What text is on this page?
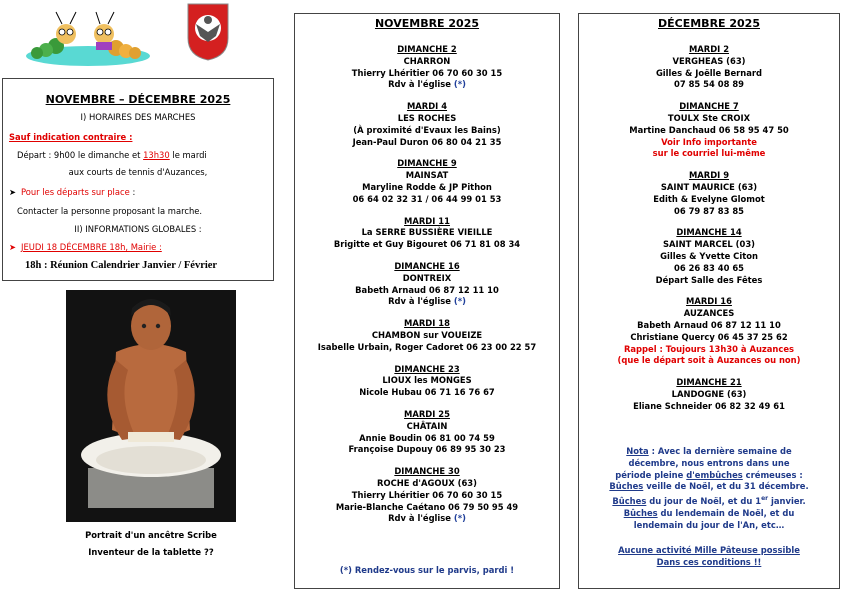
NOVEMBRE – DÉCEMBRE 2025
I) HORAIRES DES MARCHES
Sauf indication contraire :
Départ : 9h00 le dimanche et 13h30 le mardi
aux courts de tennis d'Auzances,
➤ Pour les départs sur place :
Contacter la personne proposant la marche.
II) INFORMATIONS GLOBALES :
➤ JEUDI 18 DÉCEMBRE 18h, Mairie :
18h : Réunion Calendrier Janvier / Février
Portrait d'un ancêtre Scribe
Inventeur de la tablette ??
NOVEMBRE 2025
DIMANCHE 2
CHARRON
Thierry Lhéritier 06 70 60 30 15
Rdv à l'église (*)
MARDI 4
LES ROCHES
(À proximité d'Evaux les Bains)
Jean-Paul Duron 06 80 04 21 35
DIMANCHE 9
MAINSAT
Maryline Rodde & JP Pithon
06 64 02 32 31 / 06 44 99 01 53
MARDI 11
La SERRE BUSSIÈRE VIEILLE
Brigitte et Guy Bigouret 06 71 81 08 34
DIMANCHE 16
DONTREIX
Babeth Arnaud 06 87 12 11 10
Rdv à l'église (*)
MARDI 18
CHAMBON sur VOUEIZE
Isabelle Urbain, Roger Cadoret 06 23 00 22 57
DIMANCHE 23
LIOUX les MONGES
Nicole Hubau 06 71 16 76 67
MARDI 25
CHÂTAIN
Annie Boudin 06 81 00 74 59
Françoise Dupouy 06 89 95 30 23
DIMANCHE 30
ROCHE d'AGOUX (63)
Thierry Lhéritier 06 70 60 30 15
Marie-Blanche Caétano 06 79 50 95 49
Rdv à l'église (*)
(*) Rendez-vous sur le parvis, pardi !
DÉCEMBRE 2025
MARDI 2
VERGHEAS (63)
Gilles & Joëlle Bernard
07 85 54 08 89
DIMANCHE 7
TOULX Ste CROIX
Martine Danchaud 06 58 95 47 50
Voir Info importante
sur le courriel lui-même
MARDI 9
SAINT MAURICE (63)
Edith & Evelyne Glomot
06 79 87 83 85
DIMANCHE 14
SAINT MARCEL (03)
Gilles & Yvette Citon
06 26 83 40 65
Départ Salle des Fêtes
MARDI 16
AUZANCES
Babeth Arnaud 06 87 12 11 10
Christiane Quercy 06 45 37 25 62
Rappel : Toujours 13h30 à Auzances
(que le départ soit à Auzances ou non)
DIMANCHE 21
LANDOGNE (63)
Eliane Schneider 06 82 32 49 61
Nota : Avec la dernière semaine de
décembre, nous entrons dans une
période pleine d'embûches crémeuses :
Bûches veille de Noël, et du 31 décembre.
Bûches du jour de Noël, et du 1er janvier.
Bûches du lendemain de Noël, et du
lendemain du jour de l'An, etc…
Aucune activité Mille Pâteuse possible
Dans ces conditions !!
